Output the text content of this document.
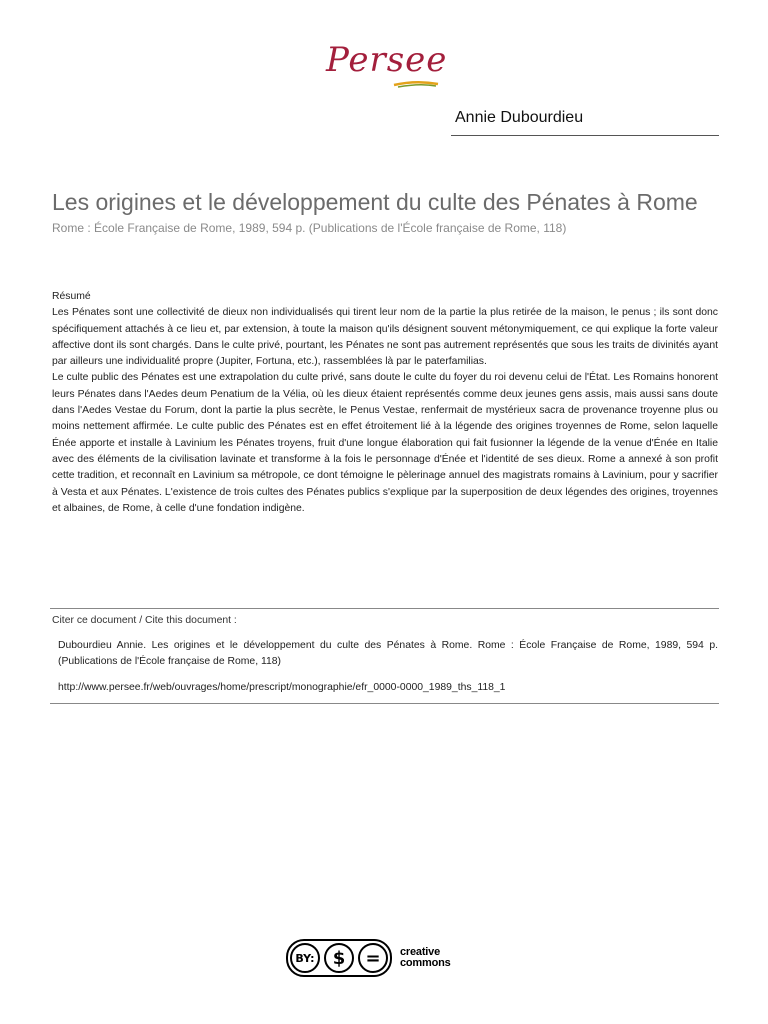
Persee
Annie Dubourdieu
Les origines et le développement du culte des Pénates à Rome
Rome : École Française de Rome, 1989, 594 p. (Publications de l'École française de Rome, 118)

Résumé

Les Pénates sont une collectivité de dieux non individualisés qui tirent leur nom de la partie la plus retirée de la maison, le penus ; ils sont donc spécifiquement attachés à ce lieu et, par extension, à toute la maison qu'ils désignent souvent métonymiquement, ce qui explique la forte valeur affective dont ils sont chargés. Dans le culte privé, pourtant, les Pénates ne sont pas autrement représentés que sous les traits de divinités ayant par ailleurs une individualité propre (Jupiter, Fortuna, etc.), rassemblées là par le paterfamilias.

Le culte public des Pénates est une extrapolation du culte privé, sans doute le culte du foyer du roi devenu celui de l'État. Les Romains honorent leurs Pénates dans l'Aedes deum Penatium de la Vélia, où les dieux étaient représentés comme deux jeunes gens assis, mais aussi sans doute dans l'Aedes Vestae du Forum, dont la partie la plus secrète, le Penus Vestae, renfermait de mystérieux sacra de provenance troyenne plus ou moins nettement affirmée. Le culte public des Pénates est en effet étroitement lié à la légende des origines troyennes de Rome, selon laquelle Énée apporte et installe à Lavinium les Pénates troyens, fruit d'une longue élaboration qui fait fusionner la légende de la venue d'Énée en Italie avec des éléments de la civilisation lavinate et transforme à la fois le personnage d'Énée et l'identité de ses dieux. Rome a annexé à son profit cette tradition, et reconnaît en Lavinium sa métropole, ce dont témoigne le pèlerinage annuel des magistrats romains à Lavinium, pour y sacrifier à Vesta et aux Pénates. L'existence de trois cultes des Pénates publics s'explique par la superposition de deux légendes des origines, troyennes et albaines, de Rome, à celle d'une fondation indigène.

Citer ce document / Cite this document :
Dubourdieu Annie. Les origines et le développement du culte des Pénates à Rome. Rome : École Française de Rome, 1989, 594 p. (Publications de l'École française de Rome, 118)
http://www.persee.fr/web/ouvrages/home/prescript/monographie/efr_0000-0000_1989_ths_118_1
BY:	$	=	creative
commons
